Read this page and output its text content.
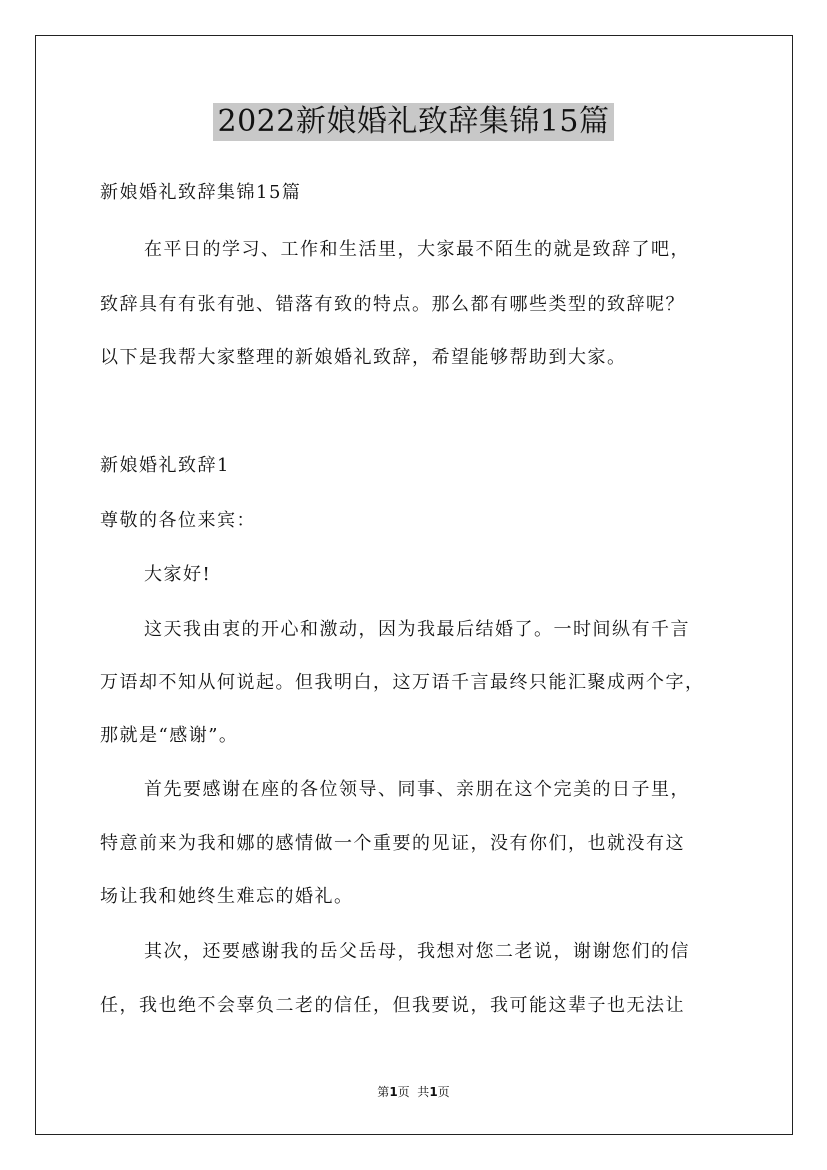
2022新娘婚礼致辞集锦15篇
新娘婚礼致辞集锦15篇
在平日的学习、工作和生活里，大家最不陌生的就是致辞了吧，
致辞具有有张有弛、错落有致的特点。那么都有哪些类型的致辞呢？
以下是我帮大家整理的新娘婚礼致辞，希望能够帮助到大家。
新娘婚礼致辞1
尊敬的各位来宾：
大家好!
这天我由衷的开心和激动，因为我最后结婚了。一时间纵有千言
万语却不知从何说起。但我明白，这万语千言最终只能汇聚成两个字，
那就是“感谢”。
首先要感谢在座的各位领导、同事、亲朋在这个完美的日子里，
特意前来为我和娜的感情做一个重要的见证，没有你们，也就没有这
场让我和她终生难忘的婚礼。
其次，还要感谢我的岳父岳母，我想对您二老说，谢谢您们的信
任，我也绝不会辜负二老的信任，但我要说，我可能这辈子也无法让
第1页  共1页
